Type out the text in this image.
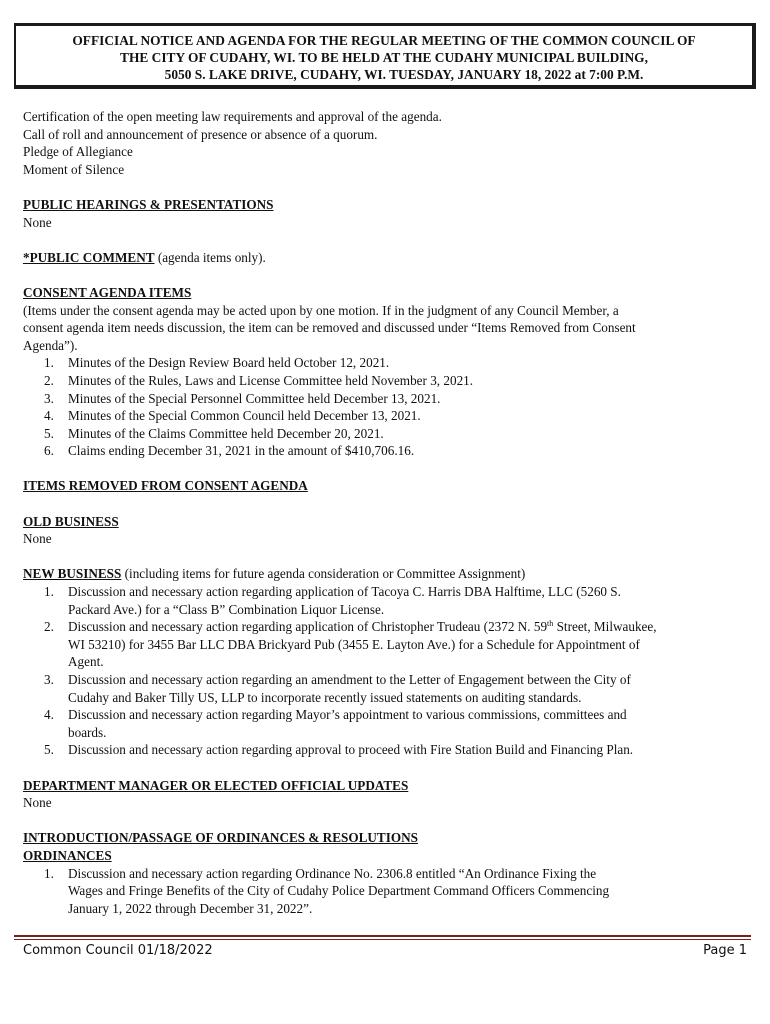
OFFICIAL NOTICE AND AGENDA FOR THE REGULAR MEETING OF THE COMMON COUNCIL OF
THE CITY OF CUDAHY, WI. TO BE HELD AT THE CUDAHY MUNICIPAL BUILDING,
5050 S. LAKE DRIVE, CUDAHY, WI. TUESDAY, JANUARY 18, 2022 at 7:00 P.M.

Certification of the open meeting law requirements and approval of the agenda.

Call of roll and announcement of presence or absence of a quorum.

Pledge of Allegiance

Moment of Silence

PUBLIC HEARINGS & PRESENTATIONS

None

*PUBLIC COMMENT (agenda items only).

CONSENT AGENDA ITEMS

(Items under the consent agenda may be acted upon by one motion. If in the judgment of any Council Member, a

consent agenda item needs discussion, the item can be removed and discussed under “Items Removed from Consent

Agenda”).

1. Minutes of the Design Review Board held October 12, 2021.
2. Minutes of the Rules, Laws and License Committee held November 3, 2021.
3. Minutes of the Special Personnel Committee held December 13, 2021.
4. Minutes of the Special Common Council held December 13, 2021.
5. Minutes of the Claims Committee held December 20, 2021.
6. Claims ending December 31, 2021 in the amount of $410,706.16.

ITEMS REMOVED FROM CONSENT AGENDA

OLD BUSINESS

None

NEW BUSINESS (including items for future agenda consideration or Committee Assignment)

1. Discussion and necessary action regarding application of Tacoya C. Harris DBA Halftime, LLC (5260 S.
Packard Ave.) for a “Class B” Combination Liquor License.
2. Discussion and necessary action regarding application of Christopher Trudeau (2372 N. 59th Street, Milwaukee,
WI 53210) for 3455 Bar LLC DBA Brickyard Pub (3455 E. Layton Ave.) for a Schedule for Appointment of
Agent.
3. Discussion and necessary action regarding an amendment to the Letter of Engagement between the City of
Cudahy and Baker Tilly US, LLP to incorporate recently issued statements on auditing standards.
4. Discussion and necessary action regarding Mayor’s appointment to various commissions, committees and
boards.
5. Discussion and necessary action regarding approval to proceed with Fire Station Build and Financing Plan.

DEPARTMENT MANAGER OR ELECTED OFFICIAL UPDATES

None

INTRODUCTION/PASSAGE OF ORDINANCES & RESOLUTIONS

ORDINANCES

1. Discussion and necessary action regarding Ordinance No. 2306.8 entitled “An Ordinance Fixing the
Wages and Fringe Benefits of the City of Cudahy Police Department Command Officers Commencing
January 1, 2022 through December 31, 2022”.
Common Council 01/18/2022	Page 1
